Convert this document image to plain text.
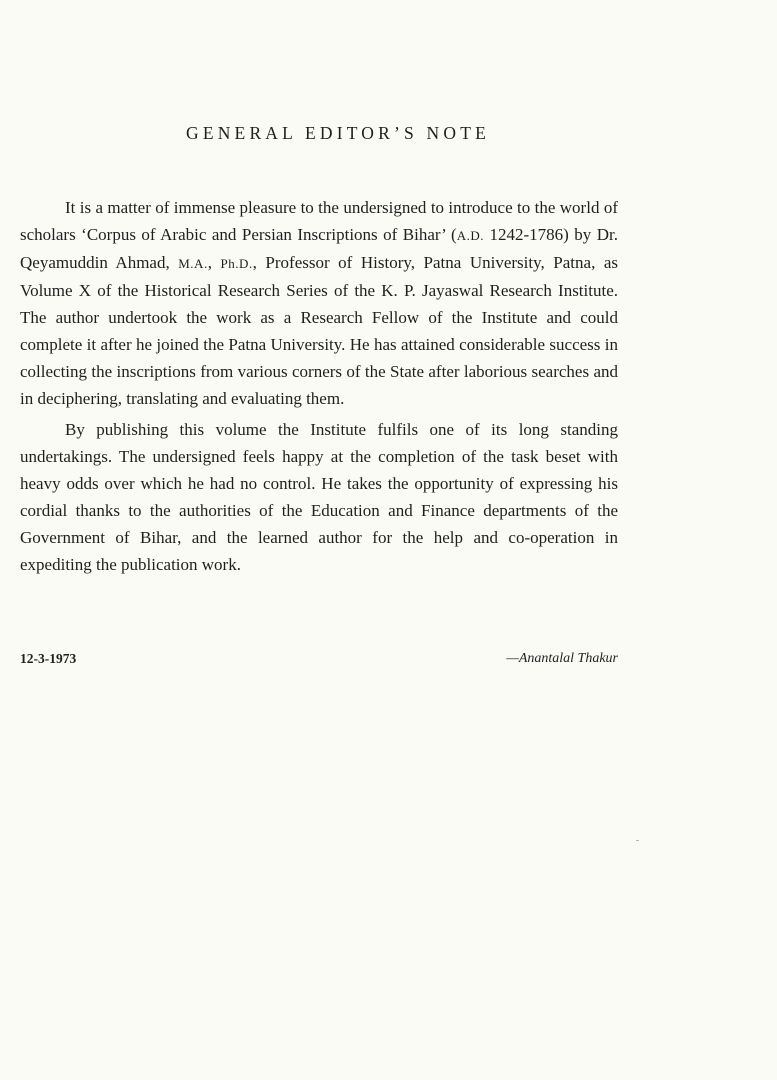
GENERAL EDITOR’S NOTE

It is a matter of immense pleasure to the undersigned to introduce to the world of scholars ‘Corpus of Arabic and Persian Inscriptions of Bihar’ (A.D. 1242-1786) by Dr. Qeyamuddin Ahmad, M.A., Ph.D., Professor of History, Patna University, Patna, as Volume X of the Historical Research Series of the K. P. Jayaswal Research Institute. The author undertook the work as a Research Fellow of the Institute and could complete it after he joined the Patna University. He has attained considerable success in collecting the inscriptions from various corners of the State after laborious searches and in deciphering, translating and evaluating them.

By publishing this volume the Institute fulfils one of its long standing undertakings. The undersigned feels happy at the completion of the task beset with heavy odds over which he had no control. He takes the opportunity of expressing his cordial thanks to the authorities of the Education and Finance departments of the Government of Bihar, and the learned author for the help and co-operation in expediting the publication work.

12-3-1973	—Anantalal Thakur
